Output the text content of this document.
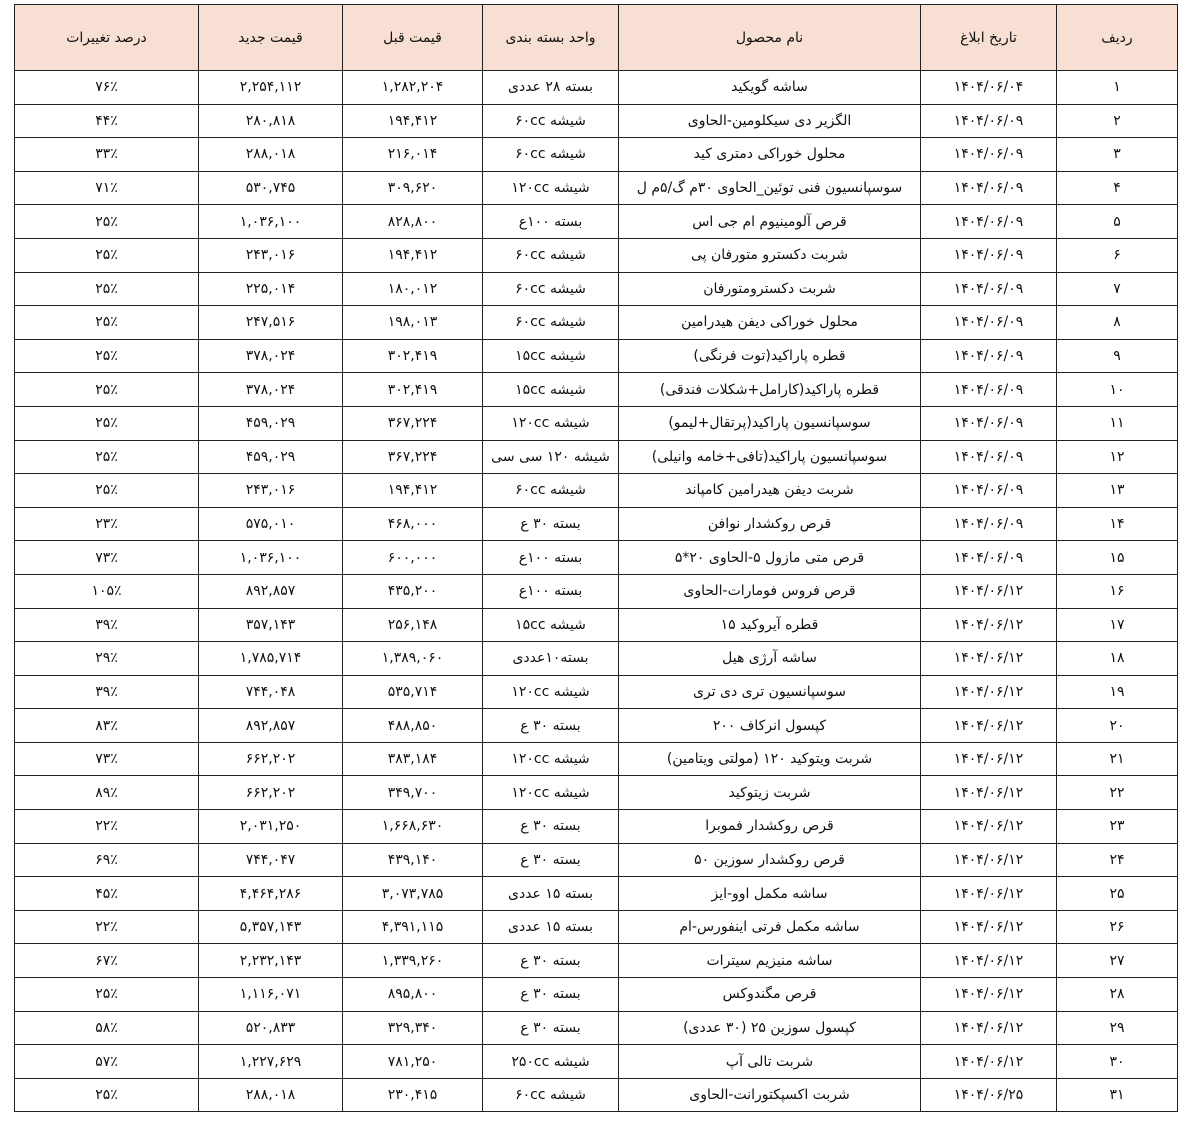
ردیف	تاریخ ابلاغ	نام محصول	واحد بسته بندی	قیمت قبل	قیمت جدید	درصد تغییرات
۱	۱۴۰۴/۰۶/۰۴	ساشه گویکید	بسته ۲۸ عددی	۱,۲۸۲,۲۰۴	۲,۲۵۴,۱۱۲	۷۶٪
۲	۱۴۰۴/۰۶/۰۹	الگزیر دی سیکلومین-الحاوی	شیشه ۶۰cc	۱۹۴,۴۱۲	۲۸۰,۸۱۸	۴۴٪
۳	۱۴۰۴/۰۶/۰۹	محلول خوراکی دمتری کید	شیشه ۶۰cc	۲۱۶,۰۱۴	۲۸۸,۰۱۸	۳۳٪
۴	۱۴۰۴/۰۶/۰۹	سوسپانسیون فنی توئین_الحاوی ۳۰م گ/۵م ل	شیشه ۱۲۰cc	۳۰۹,۶۲۰	۵۳۰,۷۴۵	۷۱٪
۵	۱۴۰۴/۰۶/۰۹	قرص آلومینیوم ام جی اس	بسته ۱۰۰ع	۸۲۸,۸۰۰	۱,۰۳۶,۱۰۰	۲۵٪
۶	۱۴۰۴/۰۶/۰۹	شربت دکسترو متورفان پی	شیشه ۶۰cc	۱۹۴,۴۱۲	۲۴۳,۰۱۶	۲۵٪
۷	۱۴۰۴/۰۶/۰۹	شربت دکسترومتورفان	شیشه ۶۰cc	۱۸۰,۰۱۲	۲۲۵,۰۱۴	۲۵٪
۸	۱۴۰۴/۰۶/۰۹	محلول خوراکی دیفن هیدرامین	شیشه ۶۰cc	۱۹۸,۰۱۳	۲۴۷,۵۱۶	۲۵٪
۹	۱۴۰۴/۰۶/۰۹	قطره پاراکید(توت فرنگی)	شیشه ۱۵cc	۳۰۲,۴۱۹	۳۷۸,۰۲۴	۲۵٪
۱۰	۱۴۰۴/۰۶/۰۹	قطره پاراکید(کارامل+شکلات فندقی)	شیشه ۱۵cc	۳۰۲,۴۱۹	۳۷۸,۰۲۴	۲۵٪
۱۱	۱۴۰۴/۰۶/۰۹	سوسپانسیون پاراکید(پرتقال+لیمو)	شیشه ۱۲۰cc	۳۶۷,۲۲۴	۴۵۹,۰۲۹	۲۵٪
۱۲	۱۴۰۴/۰۶/۰۹	سوسپانسیون پاراکید(تافی+خامه وانیلی)	شیشه ۱۲۰ سی سی	۳۶۷,۲۲۴	۴۵۹,۰۲۹	۲۵٪
۱۳	۱۴۰۴/۰۶/۰۹	شربت دیفن هیدرامین کامپاند	شیشه ۶۰cc	۱۹۴,۴۱۲	۲۴۳,۰۱۶	۲۵٪
۱۴	۱۴۰۴/۰۶/۰۹	قرص روکشدار نوافن	بسته ۳۰ ع	۴۶۸,۰۰۰	۵۷۵,۰۱۰	۲۳٪
۱۵	۱۴۰۴/۰۶/۰۹	قرص متی مازول ۵-الحاوی ۲۰*۵	بسته ۱۰۰ع	۶۰۰,۰۰۰	۱,۰۳۶,۱۰۰	۷۳٪
۱۶	۱۴۰۴/۰۶/۱۲	قرص فروس فومارات-الحاوی	بسته ۱۰۰ع	۴۳۵,۲۰۰	۸۹۲,۸۵۷	۱۰۵٪
۱۷	۱۴۰۴/۰۶/۱۲	قطره آیروکید ۱۵	شیشه ۱۵cc	۲۵۶,۱۴۸	۳۵۷,۱۴۳	۳۹٪
۱۸	۱۴۰۴/۰۶/۱۲	ساشه آرژی هیل	بسته۱۰عددی	۱,۳۸۹,۰۶۰	۱,۷۸۵,۷۱۴	۲۹٪
۱۹	۱۴۰۴/۰۶/۱۲	سوسپانسیون تری دی تری	شیشه ۱۲۰cc	۵۳۵,۷۱۴	۷۴۴,۰۴۸	۳۹٪
۲۰	۱۴۰۴/۰۶/۱۲	کپسول انرکاف ۲۰۰	بسته ۳۰ ع	۴۸۸,۸۵۰	۸۹۲,۸۵۷	۸۳٪
۲۱	۱۴۰۴/۰۶/۱۲	شربت ویتوکید ۱۲۰ (مولتی ویتامین)	شیشه ۱۲۰cc	۳۸۳,۱۸۴	۶۶۲,۲۰۲	۷۳٪
۲۲	۱۴۰۴/۰۶/۱۲	شربت زیتوکید	شیشه ۱۲۰cc	۳۴۹,۷۰۰	۶۶۲,۲۰۲	۸۹٪
۲۳	۱۴۰۴/۰۶/۱۲	قرص روکشدار فموبرا	بسته ۳۰ ع	۱,۶۶۸,۶۳۰	۲,۰۳۱,۲۵۰	۲۲٪
۲۴	۱۴۰۴/۰۶/۱۲	قرص روکشدار سوزین ۵۰	بسته ۳۰ ع	۴۳۹,۱۴۰	۷۴۴,۰۴۷	۶۹٪
۲۵	۱۴۰۴/۰۶/۱۲	ساشه مکمل اوو-ایز	بسته ۱۵ عددی	۳,۰۷۳,۷۸۵	۴,۴۶۴,۲۸۶	۴۵٪
۲۶	۱۴۰۴/۰۶/۱۲	ساشه مکمل فرتی اینفورس-ام	بسته ۱۵ عددی	۴,۳۹۱,۱۱۵	۵,۳۵۷,۱۴۳	۲۲٪
۲۷	۱۴۰۴/۰۶/۱۲	ساشه منیزیم سیترات	بسته ۳۰ ع	۱,۳۳۹,۲۶۰	۲,۲۳۲,۱۴۳	۶۷٪
۲۸	۱۴۰۴/۰۶/۱۲	قرص مگندوکس	بسته ۳۰ ع	۸۹۵,۸۰۰	۱,۱۱۶,۰۷۱	۲۵٪
۲۹	۱۴۰۴/۰۶/۱۲	کپسول سوزین ۲۵ (۳۰ عددی)	بسته ۳۰ ع	۳۲۹,۳۴۰	۵۲۰,۸۳۳	۵۸٪
۳۰	۱۴۰۴/۰۶/۱۲	شربت تالی آپ	شیشه ۲۵۰cc	۷۸۱,۲۵۰	۱,۲۲۷,۶۲۹	۵۷٪
۳۱	۱۴۰۴/۰۶/۲۵	شربت اکسپکتورانت-الحاوی	شیشه ۶۰cc	۲۳۰,۴۱۵	۲۸۸,۰۱۸	۲۵٪
